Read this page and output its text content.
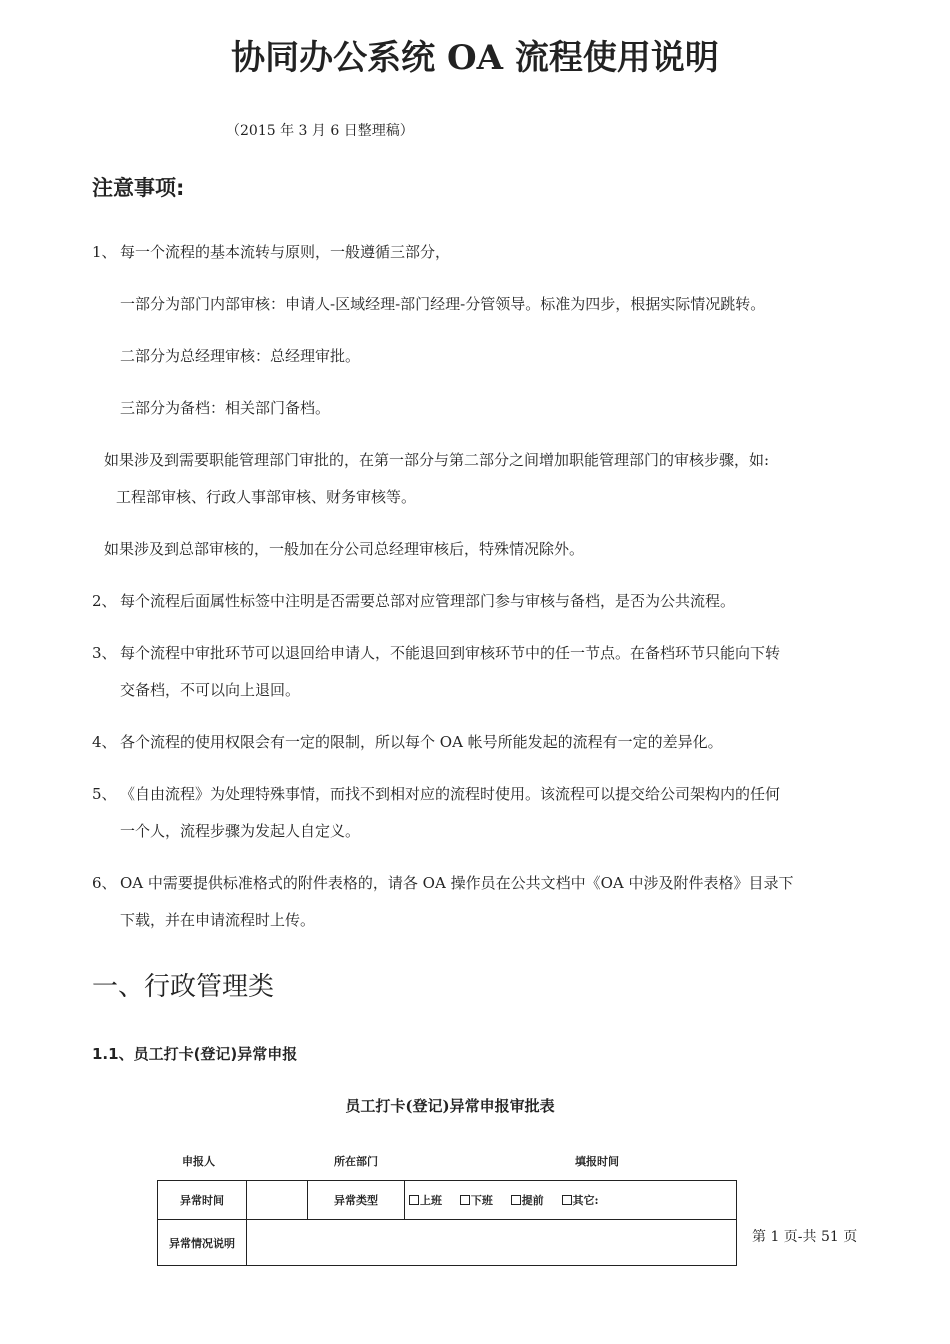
协同办公系统 OA 流程使用说明
（2015 年 3 月 6 日整理稿）
注意事项:
1、 每一个流程的基本流转与原则，一般遵循三部分，
一部分为部门内部审核：申请人-区域经理-部门经理-分管领导。标准为四步，根据实际情况跳转。
二部分为总经理审核：总经理审批。
三部分为备档：相关部门备档。
如果涉及到需要职能管理部门审批的，在第一部分与第二部分之间增加职能管理部门的审核步骤，如:
工程部审核、行政人事部审核、财务审核等。
如果涉及到总部审核的，一般加在分公司总经理审核后，特殊情况除外。
2、 每个流程后面属性标签中注明是否需要总部对应管理部门参与审核与备档，是否为公共流程。
3、 每个流程中审批环节可以退回给申请人，不能退回到审核环节中的任一节点。在备档环节只能向下转
交备档，不可以向上退回。
4、 各个流程的使用权限会有一定的限制，所以每个 OA 帐号所能发起的流程有一定的差异化。
5、 《自由流程》为处理特殊事情，而找不到相对应的流程时使用。该流程可以提交给公司架构内的任何
一个人，流程步骤为发起人自定义。
6、 OA 中需要提供标准格式的附件表格的，请各 OA 操作员在公共文档中《OA 中涉及附件表格》目录下
下载，并在申请流程时上传。
一、行政管理类
1.1、员工打卡(登记)异常申报
员工打卡(登记)异常申报审批表
申报人	所在部门	填报时间
异常时间		异常类型	上班 下班 提前 其它:
异常情况说明				第 1 页-共 51 页
